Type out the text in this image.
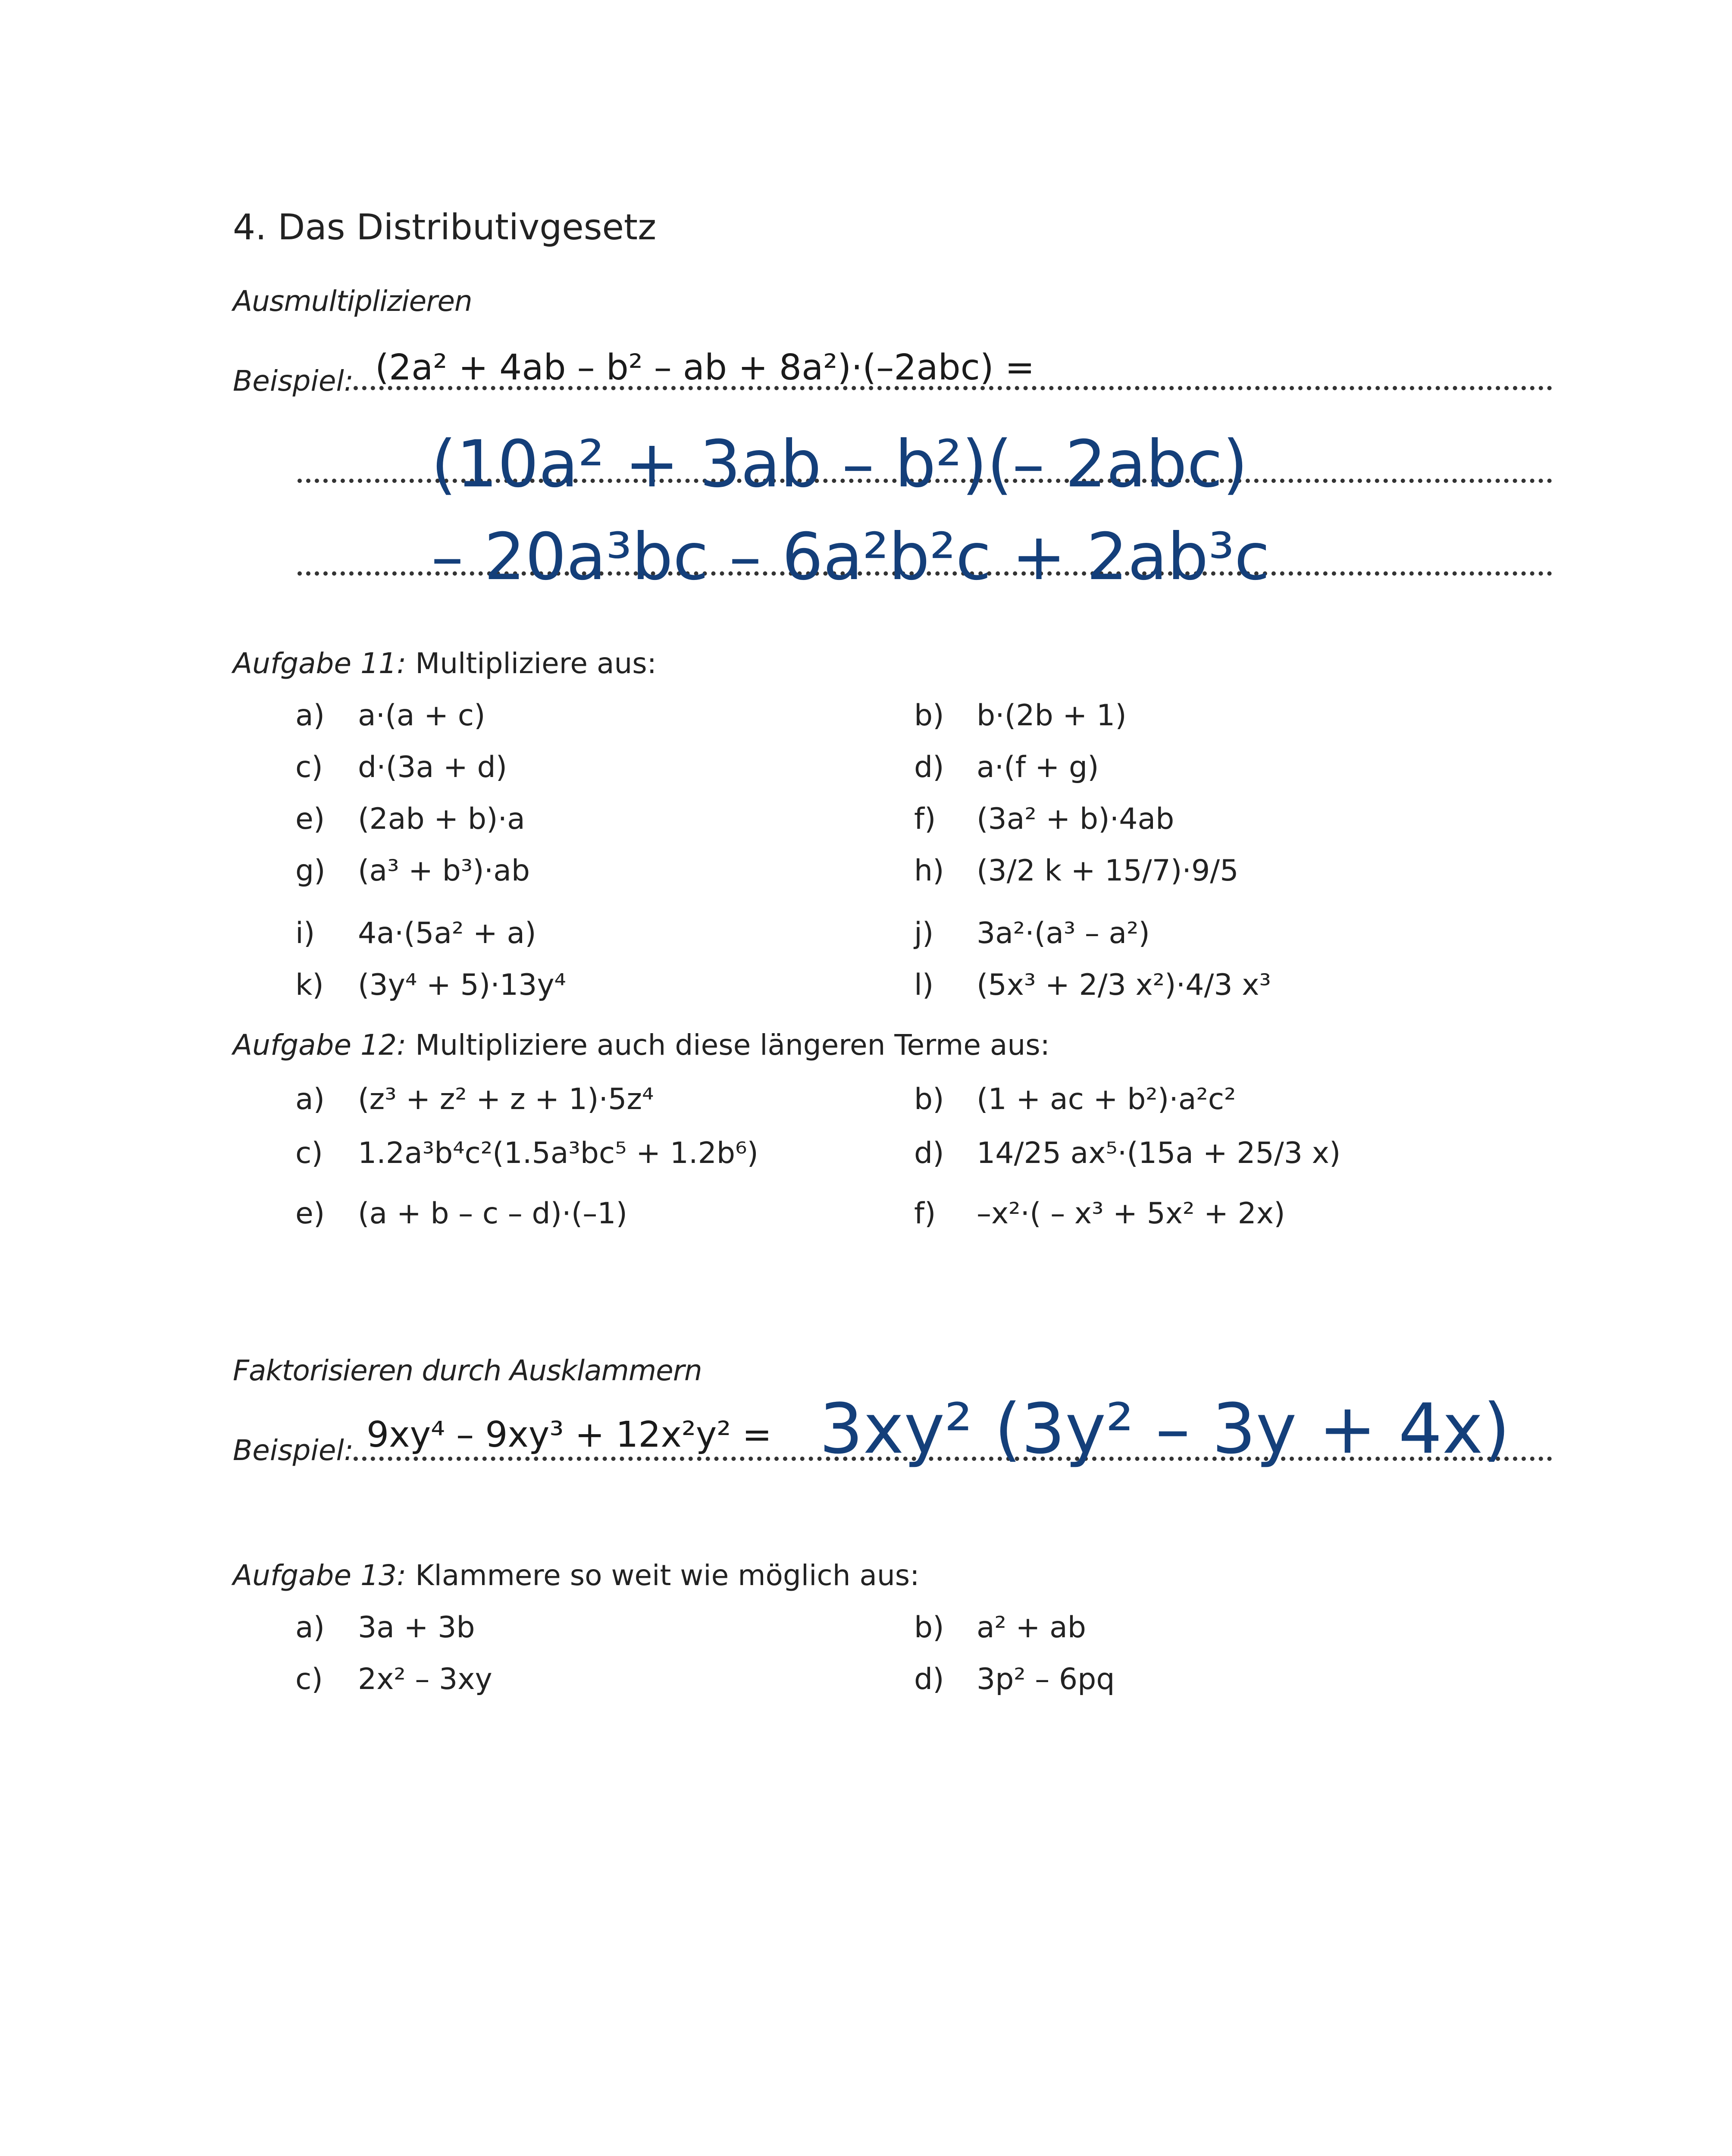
4. Das Distributivgesetz
Ausmultiplizieren
Beispiel: (2a² + 4ab – b² – ab + 8a²)·(–2abc) =
(10a² + 3ab – b²)(– 2abc)
– 20a³bc – 6a²b²c + 2ab³c
Aufgabe 11: Multipliziere aus:
a) a·(a + c)	b) b·(2b + 1)
c) d·(3a + d)	d) a·(f + g)
e) (2ab + b)·a	f) (3a² + b)·4ab
g) (a³ + b³)·ab	h) (3/2 k + 15/7)·9/5
i) 4a·(5a² + a)	j) 3a²·(a³ – a²)
k) (3y⁴ + 5)·13y⁴	l) (5x³ + 2/3 x²)·4/3 x³
Aufgabe 12: Multipliziere auch diese längeren Terme aus:
a) (z³ + z² + z + 1)·5z⁴	b) (1 + ac + b²)·a²c²
c) 1.2a³b⁴c²(1.5a³bc⁵ + 1.2b⁶)	d) 14/25 ax⁵·(15a + 25/3 x)
e) (a + b – c – d)·(–1)	f) –x²·( – x³ + 5x² + 2x)
Faktorisieren durch Ausklammern
Beispiel: 9xy⁴ – 9xy³ + 12x²y² = 3xy² (3y² – 3y + 4x)
Aufgabe 13: Klammere so weit wie möglich aus:
a) 3a + 3b	b) a² + ab
c) 2x² – 3xy	d) 3p² – 6pq
